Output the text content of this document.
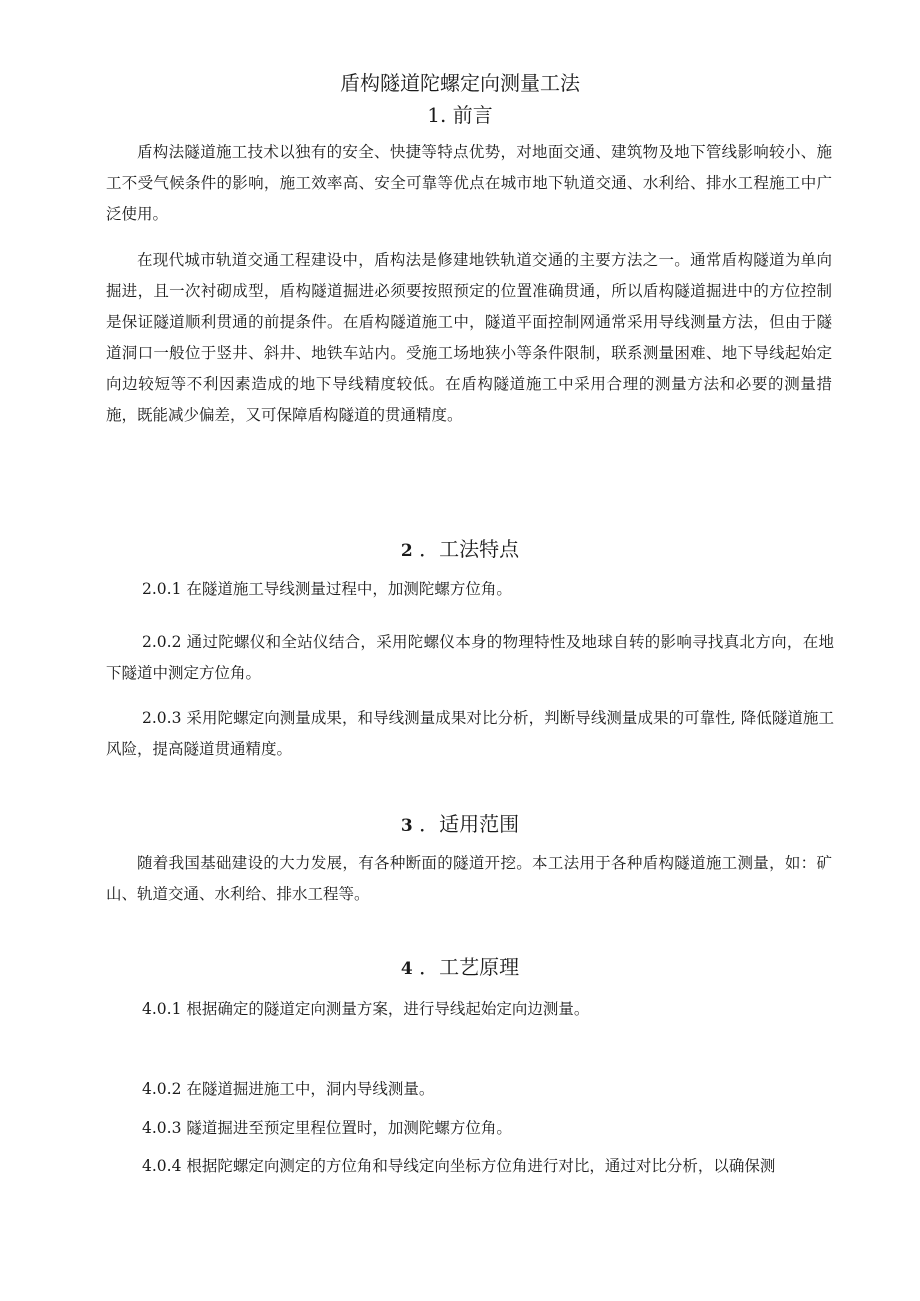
盾构隧道陀螺定向测量工法
1. 前言

盾构法隧道施工技术以独有的安全、快捷等特点优势，对地面交通、建筑物及地下管线影响较小、施工不受气候条件的影响，施工效率高、安全可靠等优点在城市地下轨道交通、水利给、排水工程施工中广泛使用。

在现代城市轨道交通工程建设中，盾构法是修建地铁轨道交通的主要方法之一。通常盾构隧道为单向掘进，且一次衬砌成型，盾构隧道掘进必须要按照预定的位置准确贯通，所以盾构隧道掘进中的方位控制是保证隧道顺利贯通的前提条件。在盾构隧道施工中，隧道平面控制网通常采用导线测量方法，但由于隧道洞口一般位于竖井、斜井、地铁车站内。受施工场地狭小等条件限制，联系测量困难、地下导线起始定向边较短等不利因素造成的地下导线精度较低。在盾构隧道施工中采用合理的测量方法和必要的测量措施，既能减少偏差，又可保障盾构隧道的贯通精度。

2 ．工法特点

2.0.1 在隧道施工导线测量过程中，加测陀螺方位角。

2.0.2 通过陀螺仪和全站仪结合，采用陀螺仪本身的物理特性及地球自转的影响寻找真北方向，在地下隧道中测定方位角。

2.0.3 采用陀螺定向测量成果，和导线测量成果对比分析，判断导线测量成果的可靠性, 降低隧道施工风险，提高隧道贯通精度。

3 ．适用范围

随着我国基础建设的大力发展，有各种断面的隧道开挖。本工法用于各种盾构隧道施工测量，如：矿山、轨道交通、水利给、排水工程等。

4 ．工艺原理

4.0.1 根据确定的隧道定向测量方案，进行导线起始定向边测量。

4.0.2 在隧道掘进施工中，洞内导线测量。

4.0.3 隧道掘进至预定里程位置时，加测陀螺方位角。

4.0.4 根据陀螺定向测定的方位角和导线定向坐标方位角进行对比，通过对比分析，以确保测
